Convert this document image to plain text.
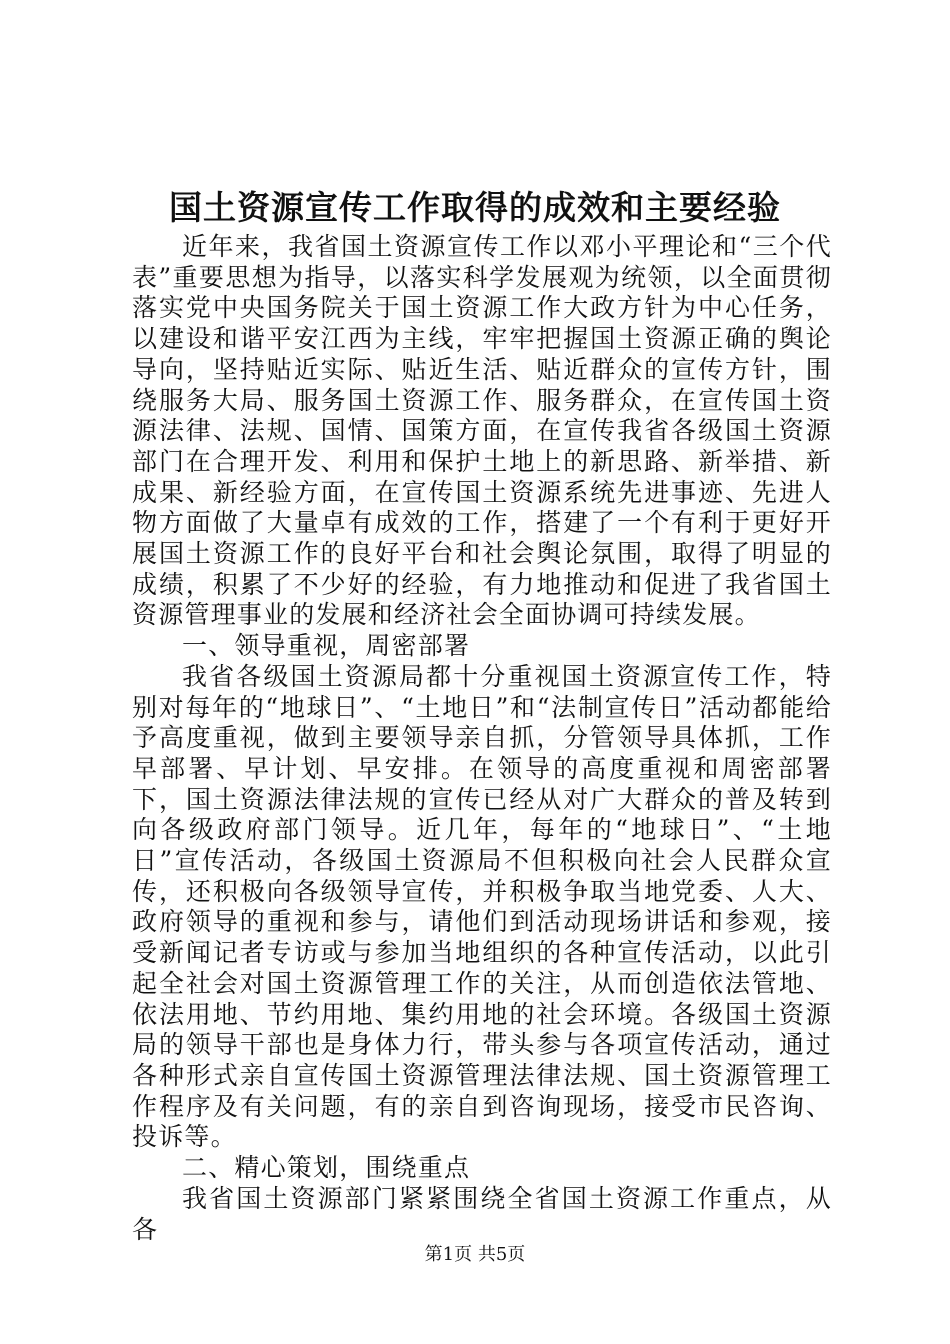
国土资源宣传工作取得的成效和主要经验

近年来，我省国土资源宣传工作以邓小平理论和“三个代表”重要思想为指导，以落实科学发展观为统领，以全面贯彻落实党中央国务院关于国土资源工作大政方针为中心任务，以建设和谐平安江西为主线，牢牢把握国土资源正确的舆论导向，坚持贴近实际、贴近生活、贴近群众的宣传方针，围绕服务大局、服务国土资源工作、服务群众，在宣传国土资源法律、法规、国情、国策方面，在宣传我省各级国土资源部门在合理开发、利用和保护土地上的新思路、新举措、新成果、新经验方面，在宣传国土资源系统先进事迹、先进人物方面做了大量卓有成效的工作，搭建了一个有利于更好开展国土资源工作的良好平台和社会舆论氛围，取得了明显的成绩，积累了不少好的经验，有力地推动和促进了我省国土资源管理事业的发展和经济社会全面协调可持续发展。

一、领导重视，周密部署

我省各级国土资源局都十分重视国土资源宣传工作，特别对每年的“地球日”、“土地日”和“法制宣传日”活动都能给予高度重视，做到主要领导亲自抓，分管领导具体抓，工作早部署、早计划、早安排。在领导的高度重视和周密部署下，国土资源法律法规的宣传已经从对广大群众的普及转到向各级政府部门领导。近几年，每年的“地球日”、“土地日”宣传活动，各级国土资源局不但积极向社会人民群众宣传，还积极向各级领导宣传，并积极争取当地党委、人大、政府领导的重视和参与，请他们到活动现场讲话和参观，接受新闻记者专访或与参加当地组织的各种宣传活动，以此引起全社会对国土资源管理工作的关注，从而创造依法管地、依法用地、节约用地、集约用地的社会环境。各级国土资源局的领导干部也是身体力行，带头参与各项宣传活动，通过各种形式亲自宣传国土资源管理法律法规、国土资源管理工作程序及有关问题，有的亲自到咨询现场，接受市民咨询、投诉等。

二、精心策划，围绕重点

我省国土资源部门紧紧围绕全省国土资源工作重点，从各

第1页 共5页
